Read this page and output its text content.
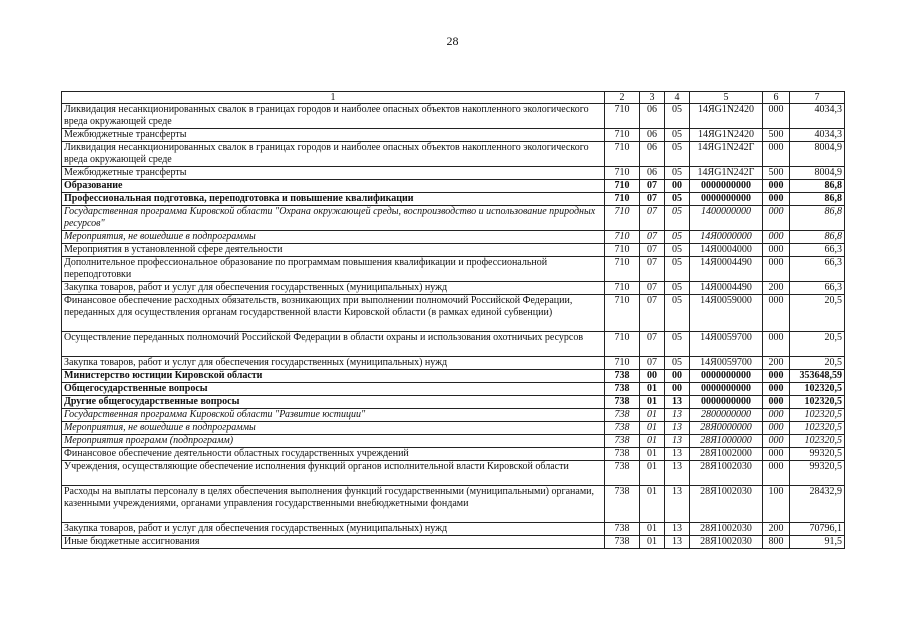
28
1	2	3	4	5	6	7
Ликвидация несанкционированных свалок в границах городов и наиболее опасных объектов накопленного экологического вреда окружающей среде	710	06	05	14ЯG1N2420	000	4034,3
Межбюджетные трансферты	710	06	05	14ЯG1N2420	500	4034,3
Ликвидация несанкционированных свалок в границах городов и наиболее опасных объектов накопленного экологического вреда окружающей среде	710	06	05	14ЯG1N242Г	000	8004,9
Межбюджетные трансферты	710	06	05	14ЯG1N242Г	500	8004,9
Образование	710	07	00	0000000000	000	86,8
Профессиональная подготовка, переподготовка и повышение квалификации	710	07	05	0000000000	000	86,8
Государственная программа Кировской области "Охрана окружающей среды, воспроизводство и использование природных ресурсов"	710	07	05	1400000000	000	86,8
Мероприятия, не вошедшие в подпрограммы	710	07	05	14Я0000000	000	86,8
Мероприятия в установленной сфере деятельности	710	07	05	14Я0004000	000	66,3
Дополнительное профессиональное образование по программам повышения квалификации и профессиональной переподготовки	710	07	05	14Я0004490	000	66,3
Закупка товаров, работ и услуг для обеспечения государственных (муниципальных) нужд	710	07	05	14Я0004490	200	66,3
Финансовое обеспечение расходных обязательств, возникающих при выполнении полномочий Российской Федерации, переданных для осуществления органам государственной власти Кировской области (в рамках единой субвенции)	710	07	05	14Я0059000	000	20,5
Осуществление переданных полномочий Российской Федерации в области охраны и использования охотничьих ресурсов	710	07	05	14Я0059700	000	20,5
Закупка товаров, работ и услуг для обеспечения государственных (муниципальных) нужд	710	07	05	14Я0059700	200	20,5
Министерство юстиции Кировской области	738	00	00	0000000000	000	353648,59
Общегосударственные вопросы	738	01	00	0000000000	000	102320,5
Другие общегосударственные вопросы	738	01	13	0000000000	000	102320,5
Государственная программа Кировской области "Развитие юстиции"	738	01	13	2800000000	000	102320,5
Мероприятия, не вошедшие в подпрограммы	738	01	13	28Я0000000	000	102320,5
Мероприятия программ (подпрограмм)	738	01	13	28Я1000000	000	102320,5
Финансовое обеспечение деятельности областных государственных учреждений	738	01	13	28Я1002000	000	99320,5
Учреждения, осуществляющие обеспечение исполнения функций органов исполнительной власти Кировской области	738	01	13	28Я1002030	000	99320,5
Расходы на выплаты персоналу в целях обеспечения выполнения функций государственными (муниципальными) органами, казенными учреждениями, органами управления государственными внебюджетными фондами	738	01	13	28Я1002030	100	28432,9
Закупка товаров, работ и услуг для обеспечения государственных (муниципальных) нужд	738	01	13	28Я1002030	200	70796,1
Иные бюджетные ассигнования	738	01	13	28Я1002030	800	91,5
